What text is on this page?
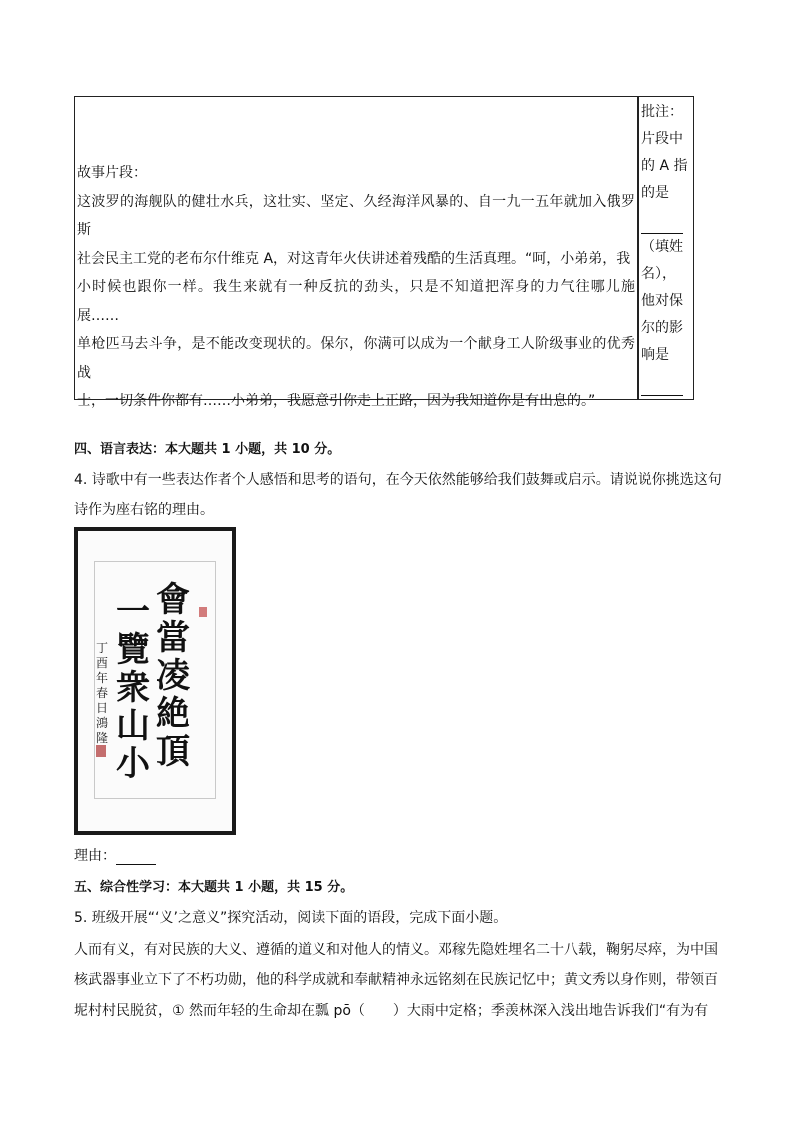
故事片段：
这波罗的海舰队的健壮水兵，这壮实、坚定、久经海洋风暴的、自一九一五年就加入俄罗斯
社会民主工党的老布尔什维克 A，对这青年火伕讲述着残酷的生活真理。“呵，小弟弟，我
小时候也跟你一样。我生来就有一种反抗的劲头，只是不知道把浑身的力气往哪儿施展……
单枪匹马去斗争，是不能改变现状的。保尔，你满可以成为一个献身工人阶级事业的优秀战
士，一切条件你都有……小弟弟，我愿意引你走上正路，因为我知道你是有出息的。”
批注：
片段中
的 A 指
的是
（填姓
名），
他对保
尔的影
响是
四、语言表达：本大题共 1 小题，共 10 分。
4. 诗歌中有一些表达作者个人感悟和思考的语句，在今天依然能够给我们鼓舞或启示。请说说你挑选这句
诗作为座右铭的理由。
會當凌絶頂
一覽衆山小
丁酉年春日 鴻隆
理由：
五、综合性学习：本大题共 1 小题，共 15 分。
5. 班级开展“‘义’之意义”探究活动，阅读下面的语段，完成下面小题。
人而有义，有对民族的大义、遵循的道义和对他人的情义。邓稼先隐姓埋名二十八载，鞠躬尽瘁，为中国
核武器事业立下了不朽功勋，他的科学成就和奉献精神永远铭刻在民族记忆中；黄文秀以身作则，带领百
坭村村民脱贫，① 然而年轻的生命却在瓢 pō（　　）大雨中定格；季羡林深入浅出地告诉我们“有为有
